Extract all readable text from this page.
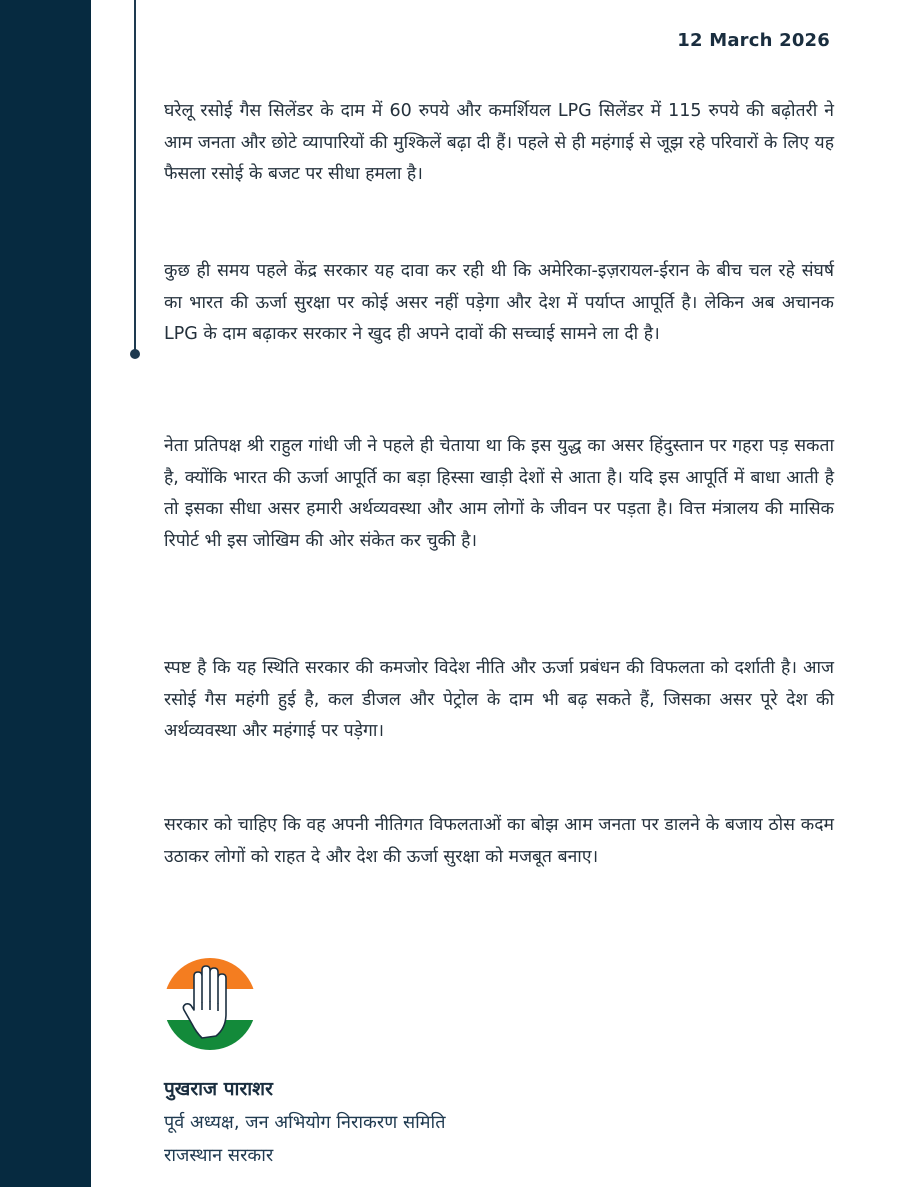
12 March 2026

घरेलू रसोई गैस सिलेंडर के दाम में 60 रुपये और कमर्शियल LPG सिलेंडर में 115 रुपये की बढ़ोतरी ने आम जनता और छोटे व्यापारियों की मुश्किलें बढ़ा दी हैं। पहले से ही महंगाई से जूझ रहे परिवारों के लिए यह फैसला रसोई के बजट पर सीधा हमला है।

कुछ ही समय पहले केंद्र सरकार यह दावा कर रही थी कि अमेरिका-इज़रायल-ईरान के बीच चल रहे संघर्ष का भारत की ऊर्जा सुरक्षा पर कोई असर नहीं पड़ेगा और देश में पर्याप्त आपूर्ति है। लेकिन अब अचानक LPG के दाम बढ़ाकर सरकार ने खुद ही अपने दावों की सच्चाई सामने ला दी है।

नेता प्रतिपक्ष श्री राहुल गांधी जी ने पहले ही चेताया था कि इस युद्ध का असर हिंदुस्तान पर गहरा पड़ सकता है, क्योंकि भारत की ऊर्जा आपूर्ति का बड़ा हिस्सा खाड़ी देशों से आता है। यदि इस आपूर्ति में बाधा आती है तो इसका सीधा असर हमारी अर्थव्यवस्था और आम लोगों के जीवन पर पड़ता है। वित्त मंत्रालय की मासिक रिपोर्ट भी इस जोखिम की ओर संकेत कर चुकी है।

स्पष्ट है कि यह स्थिति सरकार की कमजोर विदेश नीति और ऊर्जा प्रबंधन की विफलता को दर्शाती है। आज रसोई गैस महंगी हुई है, कल डीजल और पेट्रोल के दाम भी बढ़ सकते हैं, जिसका असर पूरे देश की अर्थव्यवस्था और महंगाई पर पड़ेगा।

सरकार को चाहिए कि वह अपनी नीतिगत विफलताओं का बोझ आम जनता पर डालने के बजाय ठोस कदम उठाकर लोगों को राहत दे और देश की ऊर्जा सुरक्षा को मजबूत बनाए।

पुखराज पाराशर
पूर्व अध्यक्ष, जन अभियोग निराकरण समिति
राजस्थान सरकार
